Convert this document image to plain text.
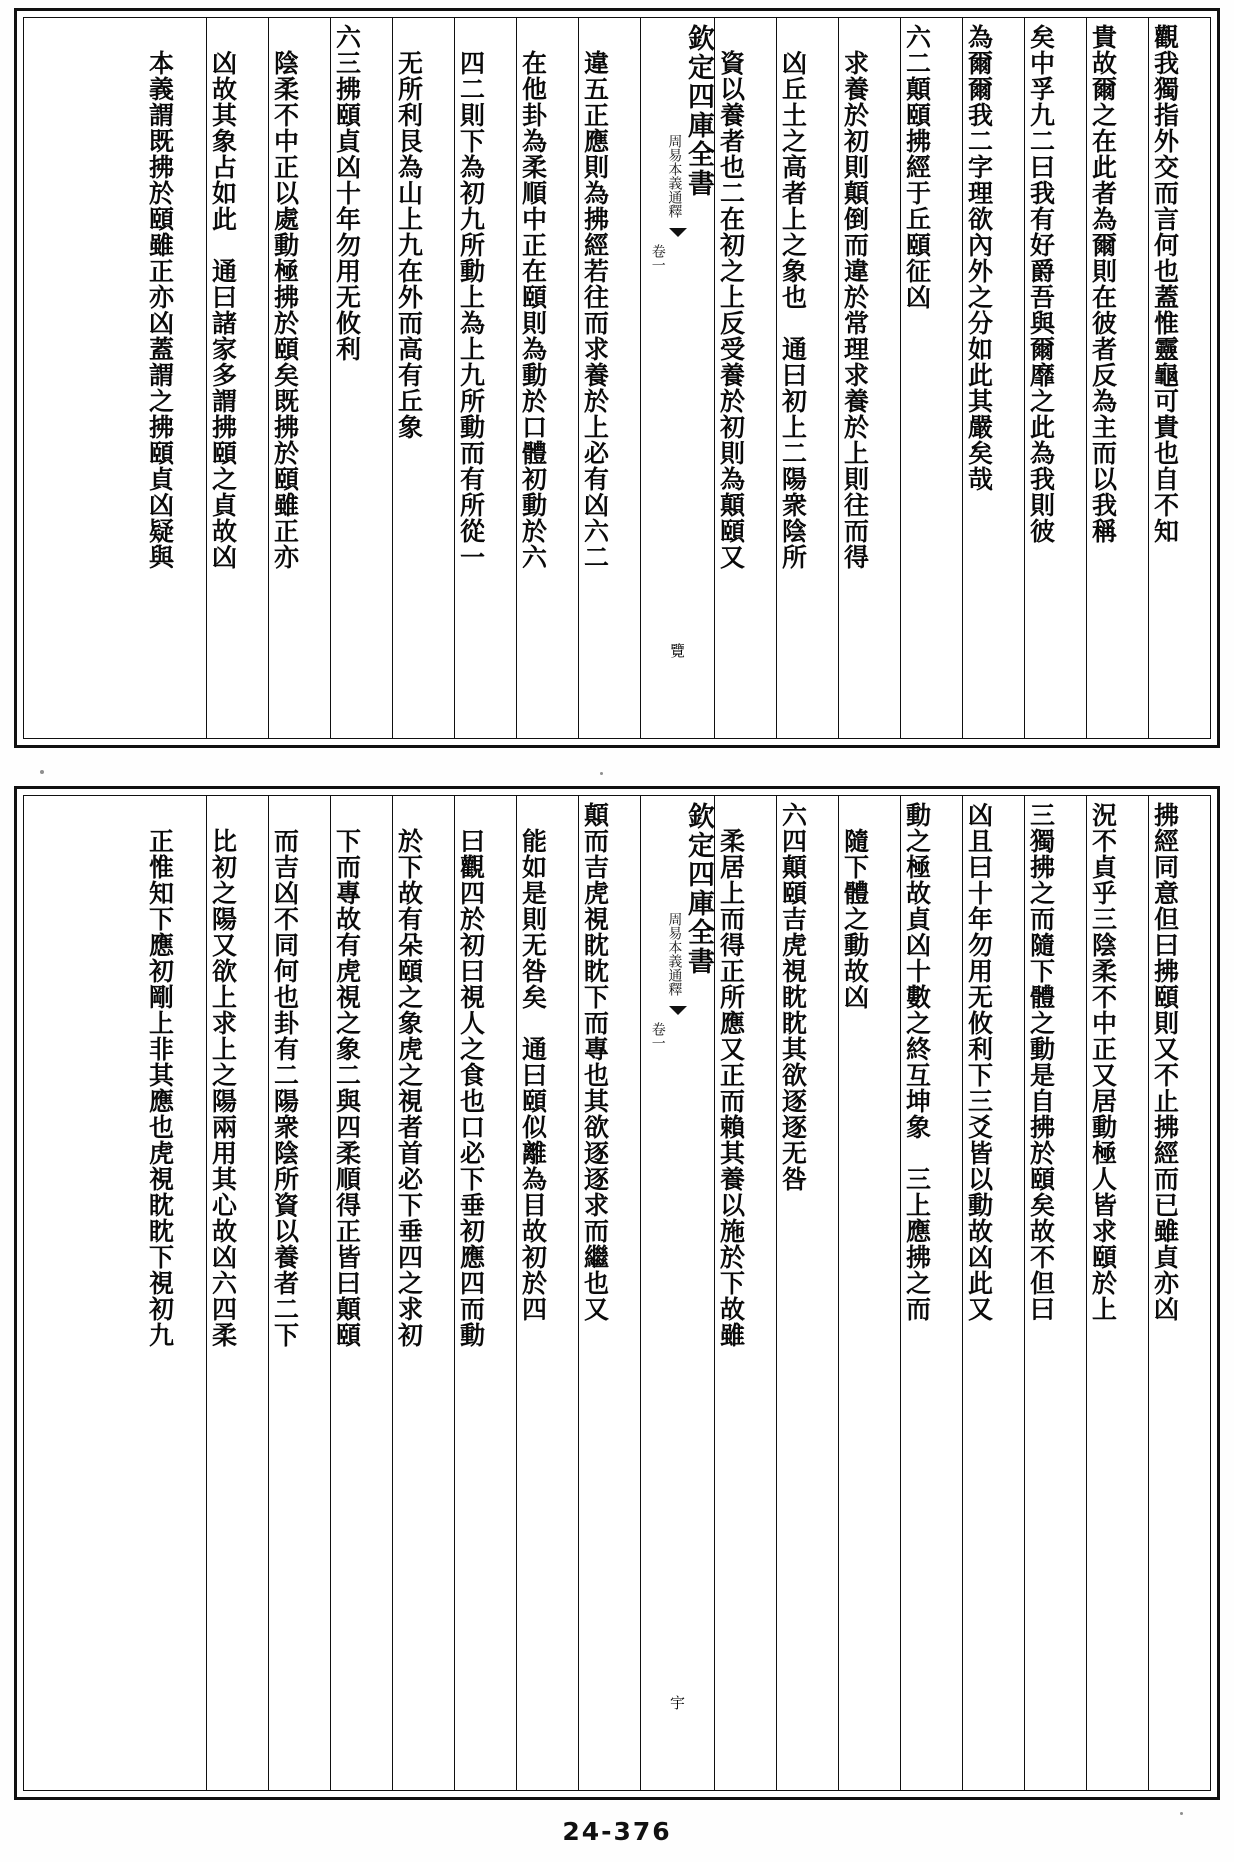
觀我獨指外交而言何也蓋惟靈龜可貴也自不知
貴故爾之在此者為爾則在彼者反為主而以我稱
矣中孚九二曰我有好爵吾與爾靡之此為我則彼
為爾爾我二字理欲內外之分如此其嚴矣哉
六二顛頤拂經于丘頤征凶
求養於初則顛倒而違於常理求養於上則往而得
凶丘土之高者上之象也　通曰初上二陽衆陰所
資以養者也二在初之上反受養於初則為顛頤又
欽定四庫全書
周易本義通釋
卷一
覽
違五正應則為拂經若往而求養於上必有凶六二
在他卦為柔順中正在頤則為動於口體初動於六
四二則下為初九所動上為上九所動而有所從一
无所利艮為山上九在外而高有丘象
六三拂頤貞凶十年勿用无攸利
陰柔不中正以處動極拂於頤矣既拂於頤雖正亦
凶故其象占如此　通曰諸家多謂拂頤之貞故凶
本義謂既拂於頤雖正亦凶蓋謂之拂頤貞凶疑與
拂經同意但曰拂頤則又不止拂經而已雖貞亦凶
況不貞乎三陰柔不中正又居動極人皆求頤於上
三獨拂之而隨下體之動是自拂於頤矣故不但曰
凶且曰十年勿用无攸利下三爻皆以動故凶此又
動之極故貞凶十數之終互坤象　三上應拂之而
隨下體之動故凶
六四顛頤吉虎視眈眈其欲逐逐无咎
柔居上而得正所應又正而賴其養以施於下故雖
欽定四庫全書
周易本義通釋
卷一
宇
顛而吉虎視眈眈下而專也其欲逐逐求而繼也又
能如是則无咎矣　通曰頤似離為目故初於四
曰觀四於初曰視人之食也口必下垂初應四而動
於下故有朵頤之象虎之視者首必下垂四之求初
下而專故有虎視之象二與四柔順得正皆曰顛頤
而吉凶不同何也卦有二陽衆陰所資以養者二下
比初之陽又欲上求上之陽兩用其心故凶六四柔
正惟知下應初剛上非其應也虎視眈眈下視初九
24-376
